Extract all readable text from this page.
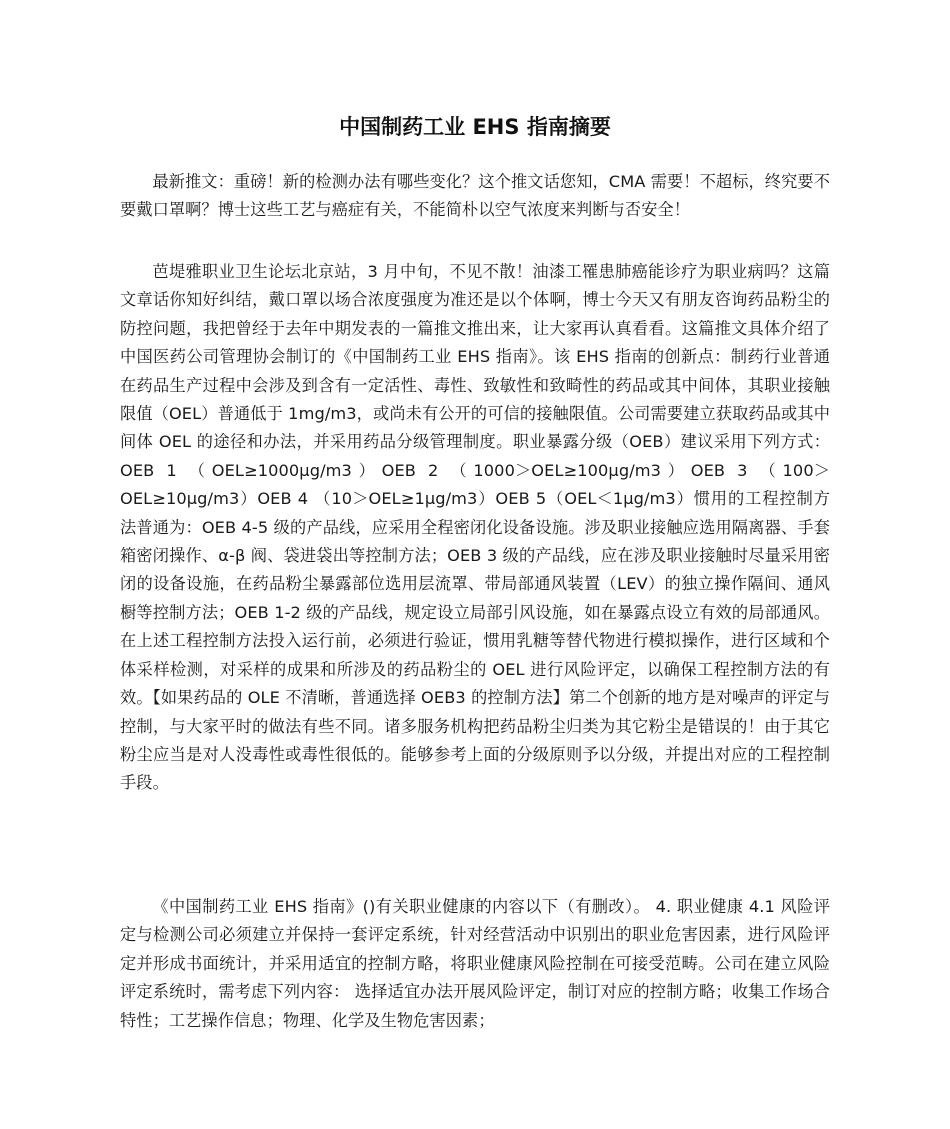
中国制药工业 EHS 指南摘要

最新推文：重磅！新的检测办法有哪些变化？这个推文话您知，CMA 需要！不超标，终究要不要戴口罩啊？博士这些工艺与癌症有关，不能简朴以空气浓度来判断与否安全！

芭堤雅职业卫生论坛北京站，3 月中旬，不见不散！油漆工罹患肺癌能诊疗为职业病吗？这篇文章话你知好纠结，戴口罩以场合浓度强度为准还是以个体啊，博士今天又有朋友咨询药品粉尘的防控问题，我把曾经于去年中期发表的一篇推文推出来，让大家再认真看看。这篇推文具体介绍了中国医药公司管理协会制订的《中国制药工业 EHS 指南》。该 EHS 指南的创新点：制药行业普通在药品生产过程中会涉及到含有一定活性、毒性、致敏性和致畸性的药品或其中间体，其职业接触限值（OEL）普通低于 1mg/m3，或尚未有公开的可信的接触限值。公司需要建立获取药品或其中间体 OEL 的途径和办法，并采用药品分级管理制度。职业暴露分级（OEB）建议采用下列方式：OEB 1 （OEL≥1000μg/m3）OEB 2 （1000＞OEL≥100μg/m3）OEB 3 （100＞OEL≥10μg/m3）OEB 4 （10＞OEL≥1μg/m3）OEB 5（OEL＜1μg/m3）惯用的工程控制方法普通为：OEB 4-5 级的产品线，应采用全程密闭化设备设施。涉及职业接触应选用隔离器、手套箱密闭操作、α-β 阀、袋进袋出等控制方法；OEB 3 级的产品线，应在涉及职业接触时尽量采用密闭的设备设施，在药品粉尘暴露部位选用层流罩、带局部通风装置（LEV）的独立操作隔间、通风橱等控制方法；OEB 1-2 级的产品线，规定设立局部引风设施，如在暴露点设立有效的局部通风。在上述工程控制方法投入运行前，必须进行验证，惯用乳糖等替代物进行模拟操作，进行区域和个体采样检测，对采样的成果和所涉及的药品粉尘的 OEL 进行风险评定，以确保工程控制方法的有效。【如果药品的 OLE 不清晰，普通选择 OEB3 的控制方法】第二个创新的地方是对噪声的评定与控制，与大家平时的做法有些不同。诸多服务机构把药品粉尘归类为其它粉尘是错误的！由于其它粉尘应当是对人没毒性或毒性很低的。能够参考上面的分级原则予以分级，并提出对应的工程控制手段。

《中国制药工业 EHS 指南》()有关职业健康的内容以下（有删改）。 4. 职业健康 4.1 风险评定与检测公司必须建立并保持一套评定系统，针对经营活动中识别出的职业危害因素，进行风险评定并形成书面统计，并采用适宜的控制方略，将职业健康风险控制在可接受范畴。公司在建立风险评定系统时，需考虑下列内容： 选择适宜办法开展风险评定，制订对应的控制方略；收集工作场合特性；工艺操作信息；物理、化学及生物危害因素；
